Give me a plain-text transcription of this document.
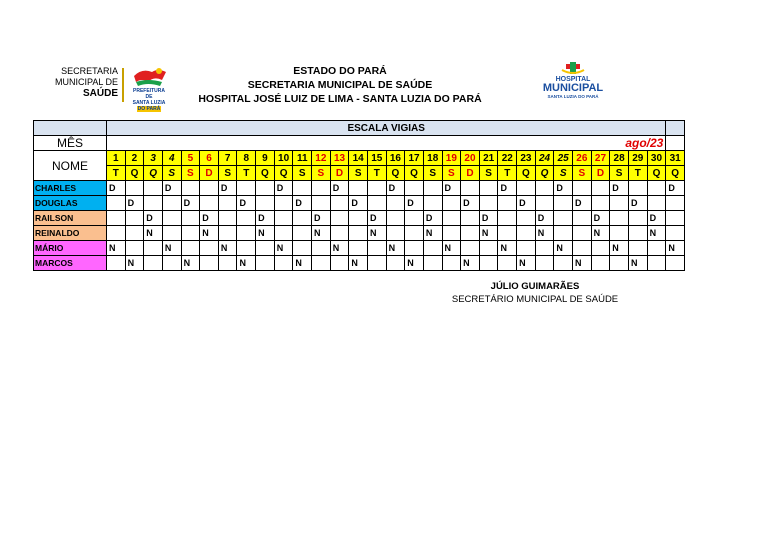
SECRETARIA
MUNICIPAL DE
SAÚDE	PREFEITURA DE
SANTA LUZIA
DO PARÁ
ESTADO DO PARÁ
SECRETARIA MUNICIPAL DE SAÚDE
HOSPITAL JOSÉ LUIZ DE LIMA - SANTA LUZIA DO PARÁ
HOSPITAL
MUNICIPAL
SANTA LUZIA DO PARÁ
	ESCALA VIGIAS																														
MÊS	ago/23																														
NOME	1	2	3	4	5	6	7	8	9	10	11	12	13	14	15	16	17	18	19	20	21	22	23	24	25	26	27	28	29	30	31
	T	Q	Q	S	S	D	S	T	Q	Q	S	S	D	S	T	Q	Q	S	S	D	S	T	Q	Q	S	S	D	S	T	Q	Q
CHARLES	D			D			D			D			D			D			D			D			D			D			D
DOUGLAS		D			D			D			D			D			D			D			D			D			D		
RAILSON			D			D			D			D			D			D			D			D			D			D	
REINALDO			N			N			N			N			N			N			N			N			N			N	
MÁRIO	N			N			N			N			N			N			N			N			N			N			N
MARCOS		N			N			N			N			N			N			N			N			N			N		
JÚLIO GUIMARÃES
SECRETÁRIO MUNICIPAL DE SAÚDE
